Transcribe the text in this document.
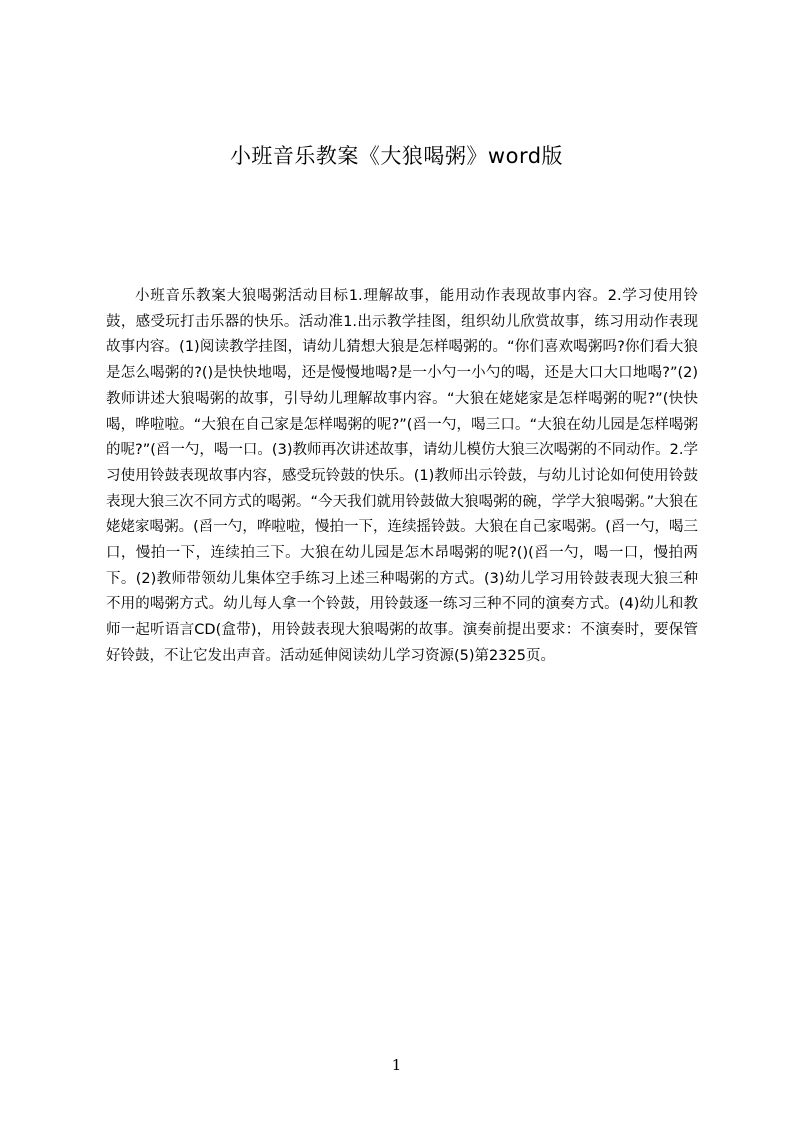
小班音乐教案《大狼喝粥》word版

小班音乐教案大狼喝粥活动目标1.理解故事，能用动作表现故事内容。2.学习使用铃鼓，感受玩打击乐器的快乐。活动准1.出示教学挂图，组织幼儿欣赏故事，练习用动作表现故事内容。(1)阅读教学挂图，请幼儿猜想大狼是怎样喝粥的。“你们喜欢喝粥吗?你们看大狼是怎么喝粥的?()是快快地喝，还是慢慢地喝?是一小勺一小勺的喝，还是大口大口地喝?”(2)教师讲述大狼喝粥的故事，引导幼儿理解故事内容。“大狼在姥姥家是怎样喝粥的呢?”(快快喝，哗啦啦。“大狼在自己家是怎样喝粥的呢?”(舀一勺，喝三口。“大狼在幼儿园是怎样喝粥的呢?”(舀一勺，喝一口。(3)教师再次讲述故事，请幼儿模仿大狼三次喝粥的不同动作。2.学习使用铃鼓表现故事内容，感受玩铃鼓的快乐。(1)教师出示铃鼓，与幼儿讨论如何使用铃鼓表现大狼三次不同方式的喝粥。“今天我们就用铃鼓做大狼喝粥的碗，学学大狼喝粥。”大狼在姥姥家喝粥。(舀一勺，哗啦啦，慢拍一下，连续摇铃鼓。大狼在自己家喝粥。(舀一勺，喝三口，慢拍一下，连续拍三下。大狼在幼儿园是怎木昂喝粥的呢?()(舀一勺，喝一口，慢拍两下。(2)教师带领幼儿集体空手练习上述三种喝粥的方式。(3)幼儿学习用铃鼓表现大狼三种不用的喝粥方式。幼儿每人拿一个铃鼓，用铃鼓逐一练习三种不同的演奏方式。(4)幼儿和教师一起听语言CD(盒带)，用铃鼓表现大狼喝粥的故事。演奏前提出要求：不演奏时，要保管好铃鼓，不让它发出声音。活动延伸阅读幼儿学习资源(5)第2325页。

1
